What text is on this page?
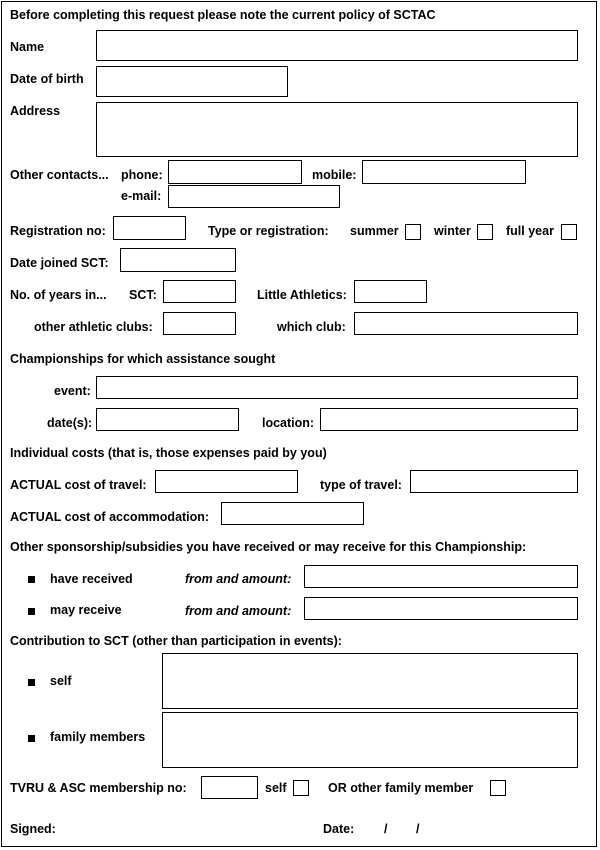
Before completing this request please note the current policy of SCTAC
Name
Date of birth
Address
Other contacts... phone:	mobile:
e-mail:
Registration no:	Type or registration: summer	winter	full year
Date joined SCT:
No. of years in... SCT:	Little Athletics:
other athletic clubs:	which club:
Championships for which assistance sought
event:
date(s):	location:
Individual costs (that is, those expenses paid by you)
ACTUAL cost of travel:	type of travel:
ACTUAL cost of accommodation:
Other sponsorship/subsidies you have received or may receive for this Championship:
have received	from and amount:
may receive	from and amount:
Contribution to SCT (other than participation in events):
self
family members
TVRU & ASC membership no:	self	OR other family member
Signed:	Date: / /
